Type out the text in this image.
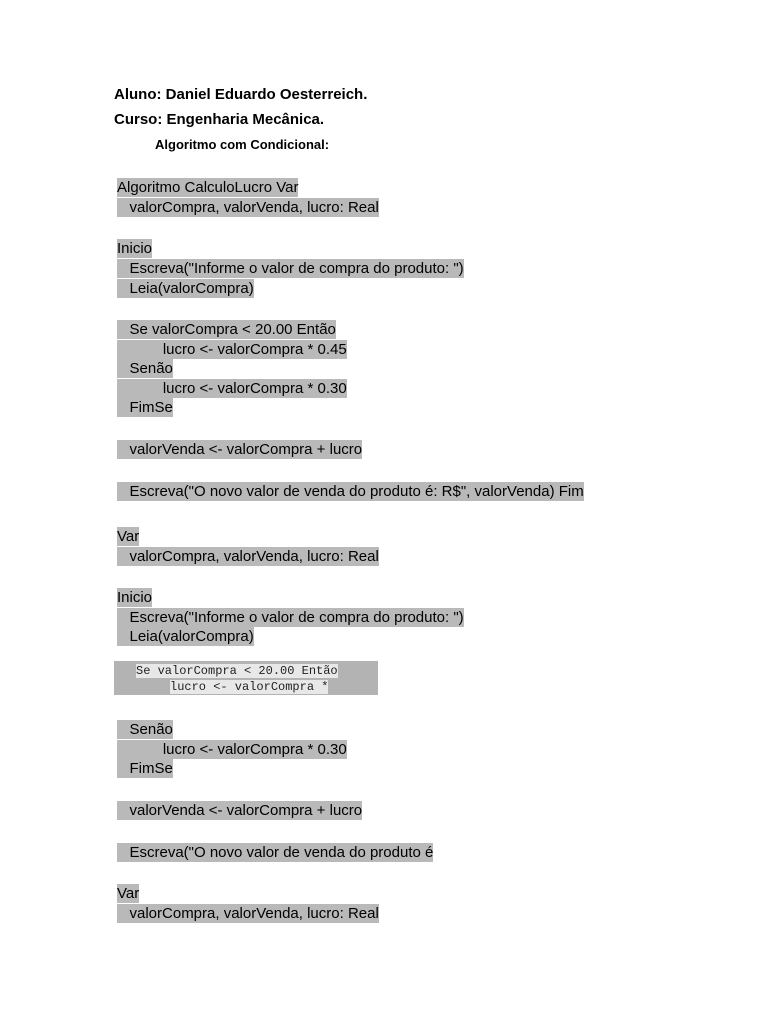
Aluno: Daniel Eduardo Oesterreich.
Curso: Engenharia Mecânica.
Algoritmo com Condicional:
Algoritmo CalculoLucro Var
valorCompra, valorVenda, lucro: Real
Inicio
Escreva("Informe o valor de compra do produto: ")
Leia(valorCompra)
Se valorCompra < 20.00 Então
lucro <- valorCompra * 0.45
Senão
lucro <- valorCompra * 0.30
FimSe
valorVenda <- valorCompra + lucro
Escreva("O novo valor de venda do produto é: R$", valorVenda) Fim
Var
valorCompra, valorVenda, lucro: Real
Inicio
Escreva("Informe o valor de compra do produto: ")
Leia(valorCompra)
Se valorCompra < 20.00 Então
lucro <- valorCompra *
Senão
lucro <- valorCompra * 0.30
FimSe
valorVenda <- valorCompra + lucro
Escreva("O novo valor de venda do produto é
Var
valorCompra, valorVenda, lucro: Real
